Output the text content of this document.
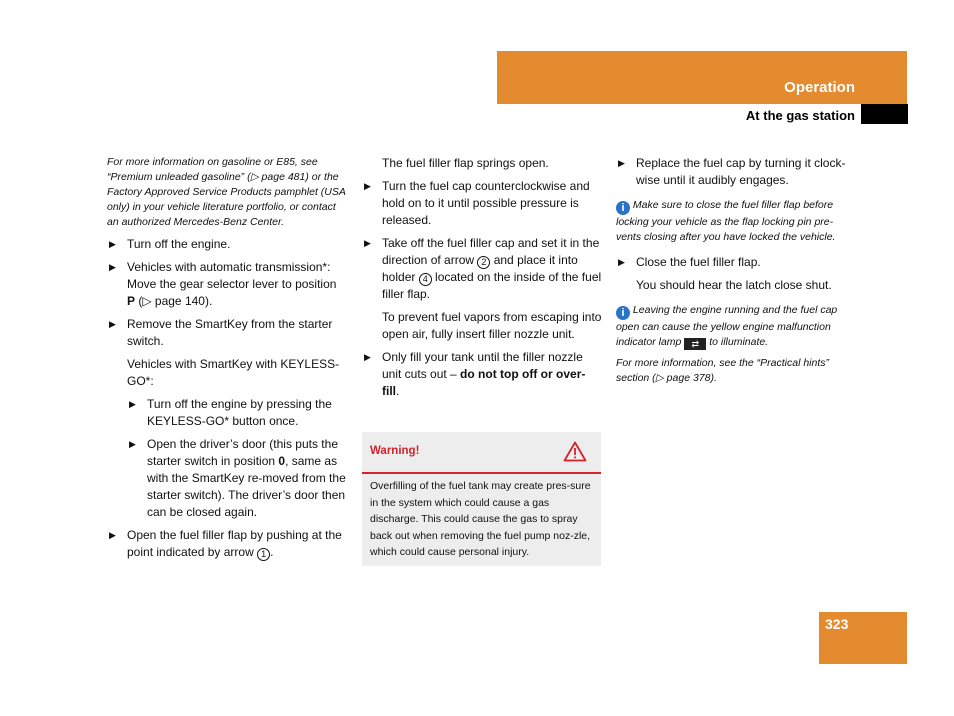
Operation
At the gas station

For more information on gasoline or E85, see “Premium unleaded gasoline” (▷ page 481) or the Factory Approved Service Products pamphlet (USA only) in your vehicle literature portfolio, or contact an authorized Mercedes-Benz Center.

▶ Turn off the engine.

▶ Vehicles with automatic transmission*: Move the gear selector lever to position P (▷ page 140).

▶ Remove the SmartKey from the starter switch.

Vehicles with SmartKey with KEYLESS-GO*:

▶ Turn off the engine by pressing the KEYLESS-GO* button once.

▶ Open the driver’s door (this puts the starter switch in position 0, same as with the SmartKey re-moved from the starter switch). The driver’s door then can be closed again.

▶ Open the fuel filler flap by pushing at the point indicated by arrow 1 .

The fuel filler flap springs open.

▶ Turn the fuel cap counterclockwise and hold on to it until possible pressure is released.

▶ Take off the fuel filler cap and set it in the direction of arrow 2 and place it into holder 4 located on the inside of the fuel filler flap.

To prevent fuel vapors from escaping into open air, fully insert filler nozzle unit.

▶ Only fill your tank until the filler nozzle unit cuts out – do not top off or over-fill.

Warning!

Overfilling of the fuel tank may create pres-sure in the system which could cause a gas discharge. This could cause the gas to spray back out when removing the fuel pump noz-zle, which could cause personal injury.

▶ Replace the fuel cap by turning it clock-wise until it audibly engages.

i Make sure to close the fuel filler flap before locking your vehicle as the flap locking pin pre-vents closing after you have locked the vehicle.

▶ Close the fuel filler flap.

You should hear the latch close shut.

i Leaving the engine running and the fuel cap open can cause the yellow engine malfunction indicator lamp ⇄ to illuminate.

For more information, see the “Practical hints” section (▷ page 378).

323
